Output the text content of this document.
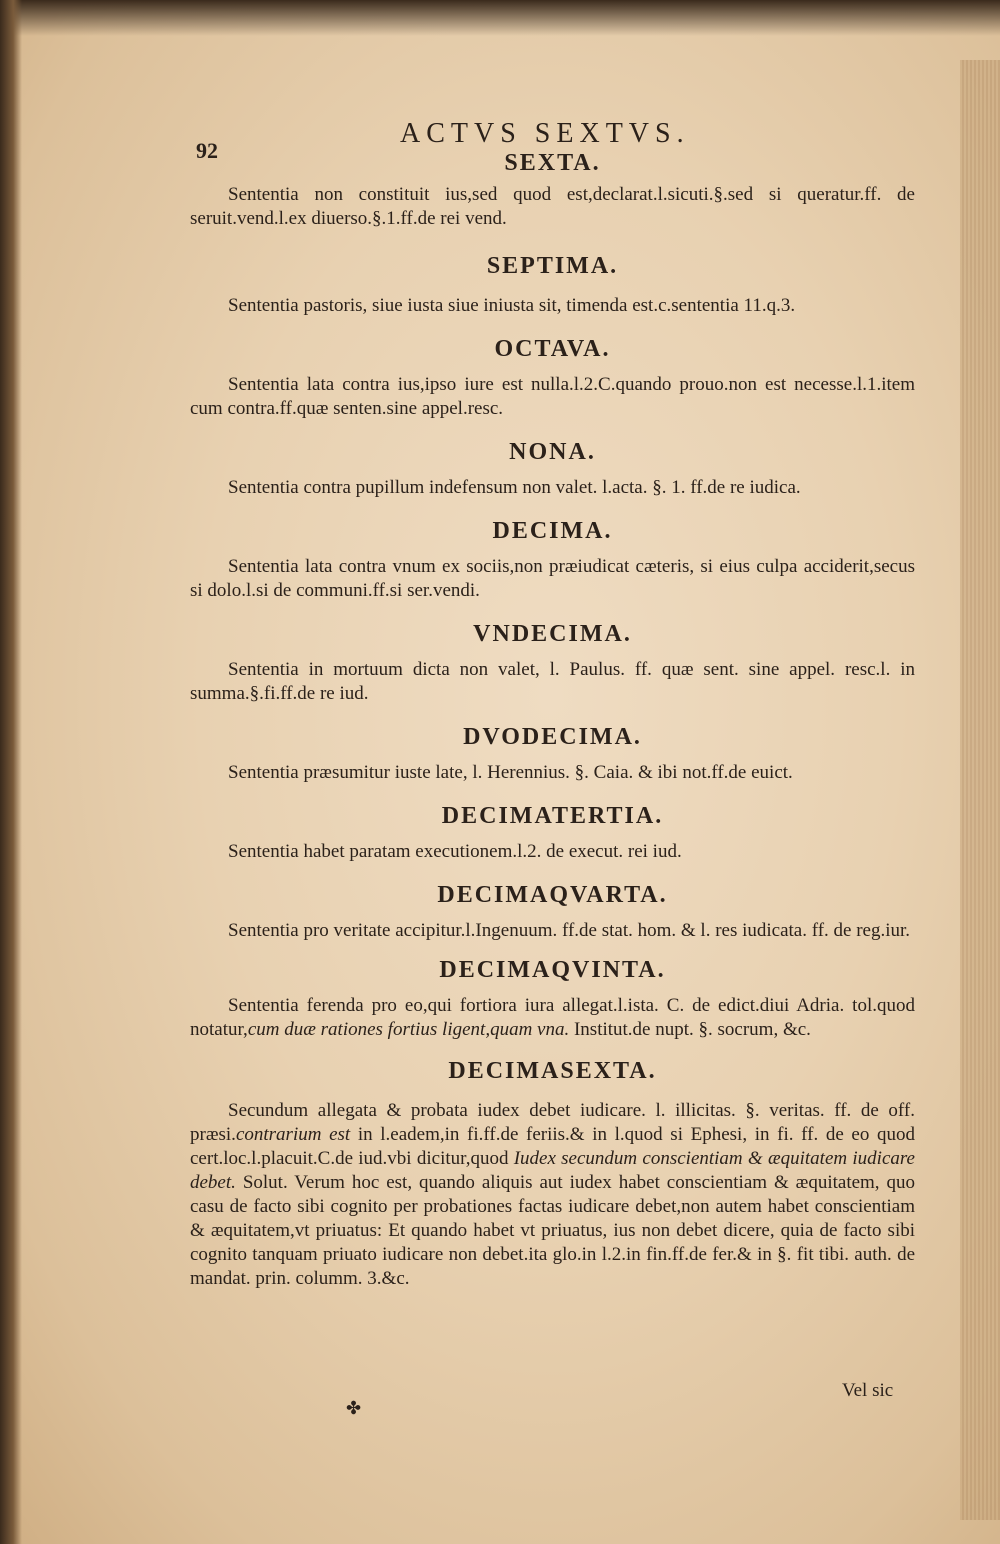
92
ACTVS SEXTVS.
SEXTA.

Sententia non constituit ius,sed quod est,declarat.l.sicuti.§.sed si queratur.ff. de seruit.vend.l.ex diuerso.§.1.ff.de rei vend.

SEPTIMA.

Sententia pastoris, siue iusta siue iniusta sit, timenda est.c.sententia 11.q.3.

OCTAVA.

Sententia lata contra ius,ipso iure est nulla.l.2.C.quando prouo.non est necesse.l.1.item cum contra.ff.quæ senten.sine appel.resc.

NONA.

Sententia contra pupillum indefensum non valet. l.acta. §. 1. ff.de re iudica.

DECIMA.

Sententia lata contra vnum ex sociis,non præiudicat cæteris, si eius culpa acciderit,secus si dolo.l.si de communi.ff.si ser.vendi.

VNDECIMA.

Sententia in mortuum dicta non valet, l. Paulus. ff. quæ sent. sine appel. resc.l. in summa.§.fi.ff.de re iud.

DVODECIMA.

Sententia præsumitur iuste late, l. Herennius. §. Caia. & ibi not.ff.de euict.

DECIMATERTIA.

Sententia habet paratam executionem.l.2. de execut. rei iud.

DECIMAQVARTA.

Sententia pro veritate accipitur.l.Ingenuum. ff.de stat. hom. & l. res iudicata. ff. de reg.iur.

DECIMAQVINTA.

Sententia ferenda pro eo,qui fortiora iura allegat.l.ista. C. de edict.diui Adria. tol.quod notatur,cum duæ rationes fortius ligent,quam vna. Institut.de nupt. §. socrum, &c.

DECIMASEXTA.

Secundum allegata & probata iudex debet iudicare. l. illicitas. §. veritas. ff. de off. præsi.contrarium est in l.eadem,in fi.ff.de feriis.& in l.quod si Ephesi, in fi. ff. de eo quod cert.loc.l.placuit.C.de iud.vbi dicitur,quod Iudex secundum conscientiam & æquitatem iudicare debet. Solut. Verum hoc est, quando aliquis aut iudex habet conscientiam & æquitatem, quo casu de facto sibi cognito per probationes factas iudicare debet,non autem habet conscientiam & æquitatem,vt priuatus: Et quando habet vt priuatus, ius non debet dicere, quia de facto sibi cognito tanquam priuato iudicare non debet.ita glo.in l.2.in fin.ff.de fer.& in §. fit tibi. auth. de mandat. prin. columm. 3.&c.

Vel sic
✤
